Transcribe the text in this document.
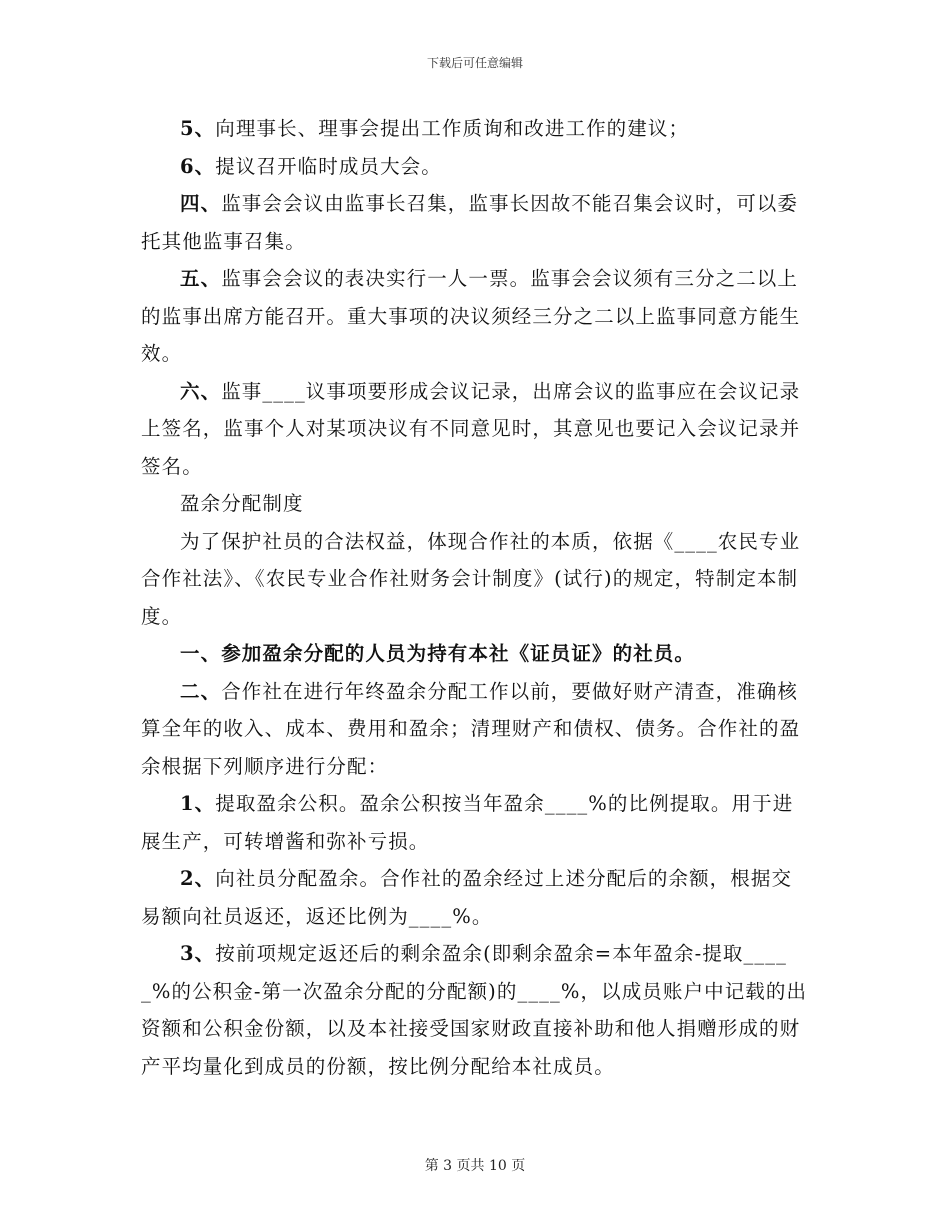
下载后可任意编辑

5、向理事长、理事会提出工作质询和改进工作的建议；

6、提议召开临时成员大会。

四、监事会会议由监事长召集，监事长因故不能召集会议时，可以委托其他监事召集。

五、监事会会议的表决实行一人一票。监事会会议须有三分之二以上的监事出席方能召开。重大事项的决议须经三分之二以上监事同意方能生效。

六、监事____议事项要形成会议记录，出席会议的监事应在会议记录上签名，监事个人对某项决议有不同意见时，其意见也要记入会议记录并签名。

盈余分配制度

为了保护社员的合法权益，体现合作社的本质，依据《____农民专业合作社法》、《农民专业合作社财务会计制度》(试行)的规定，特制定本制度。

一、参加盈余分配的人员为持有本社《证员证》的社员。

二、合作社在进行年终盈余分配工作以前，要做好财产清查，准确核算全年的收入、成本、费用和盈余；清理财产和债权、债务。合作社的盈余根据下列顺序进行分配：

1、提取盈余公积。盈余公积按当年盈余____%的比例提取。用于进展生产，可转增酱和弥补亏损。

2、向社员分配盈余。合作社的盈余经过上述分配后的余额，根据交易额向社员返还，返还比例为____%。

3、按前项规定返还后的剩余盈余(即剩余盈余=本年盈余-提取_____%的公积金-第一次盈余分配的分配额)的____%，以成员账户中记载的出资额和公积金份额，以及本社接受国家财政直接补助和他人捐赠形成的财产平均量化到成员的份额，按比例分配给本社成员。

第 3 页共 10 页
